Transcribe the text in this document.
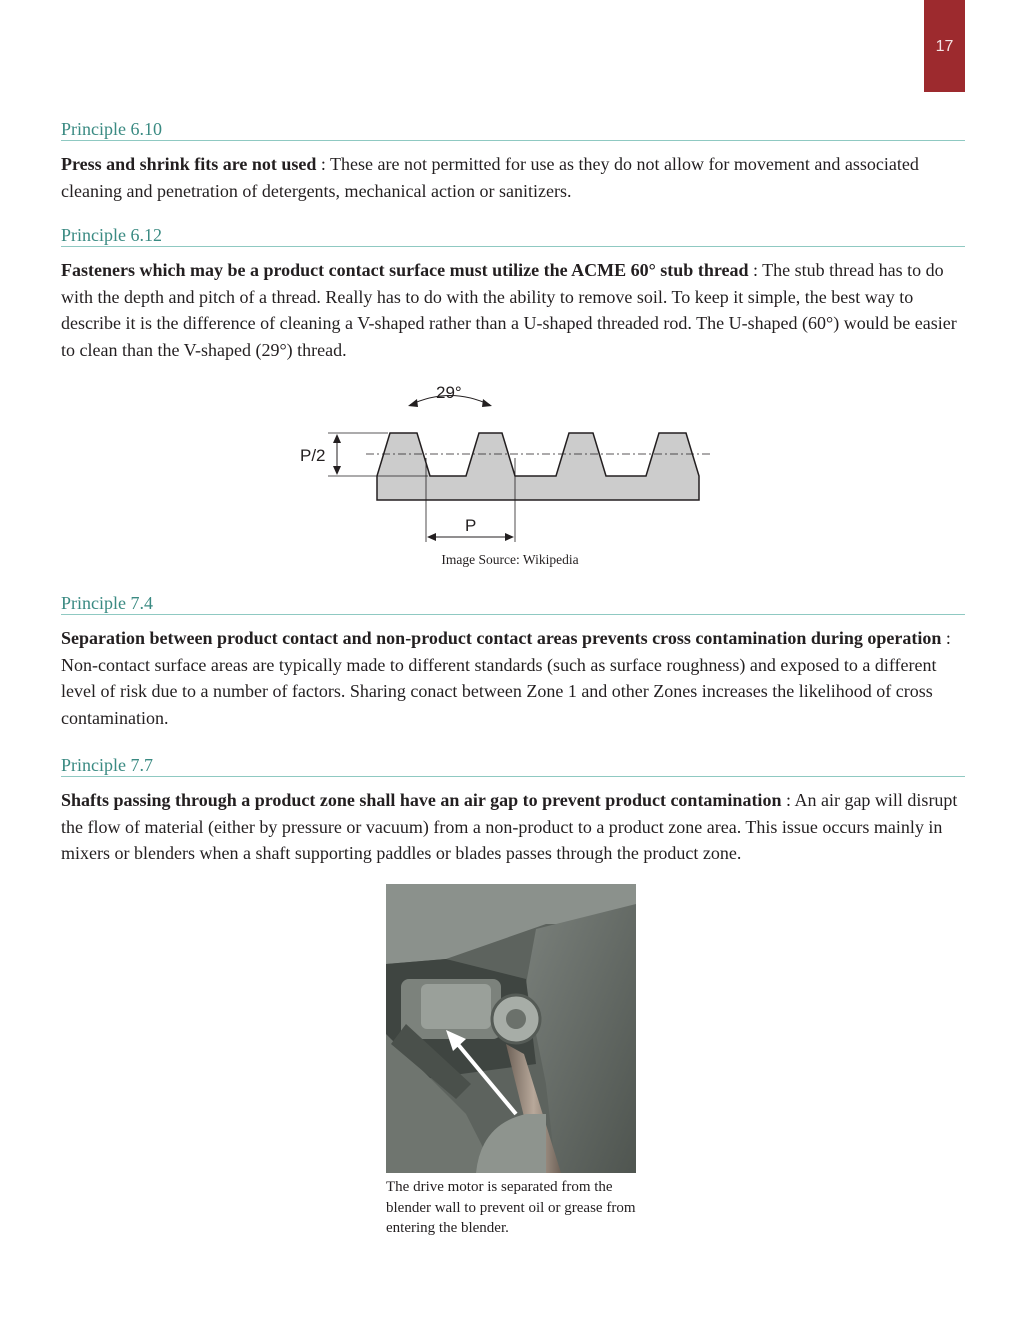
17
Principle 6.10

Press and shrink fits are not used : These are not permitted for use as they do not allow for movement and associated cleaning and penetration of detergents, mechanical action or sanitizers.

Principle 6.12

Fasteners which may be a product contact surface must utilize the ACME 60° stub thread : The stub thread has to do with the depth and pitch of a thread. Really has to do with the ability to remove soil. To keep it simple, the best way to describe it is the difference of cleaning a V-shaped rather than a U-shaped threaded rod. The U-shaped (60°) would be easier to clean than the V-shaped (29°) thread.

P/2
P
29°
Image Source: Wikipedia
Principle 7.4

Separation between product contact and non-product contact areas prevents cross contamination during operation : Non-contact surface areas are typically made to different standards (such as surface roughness) and exposed to a different level of risk due to a number of factors. Sharing conact between Zone 1 and other Zones increases the likelihood of cross contamination.

Principle 7.7

Shafts passing through a product zone shall have an air gap to prevent product contamination : An air gap will disrupt the flow of material (either by pressure or vacuum) from a non-product to a product zone area. This issue occurs mainly in mixers or blenders when a shaft supporting paddles or blades passes through the product zone.

The drive motor is separated from the blender wall to prevent oil or grease from entering the blender.
